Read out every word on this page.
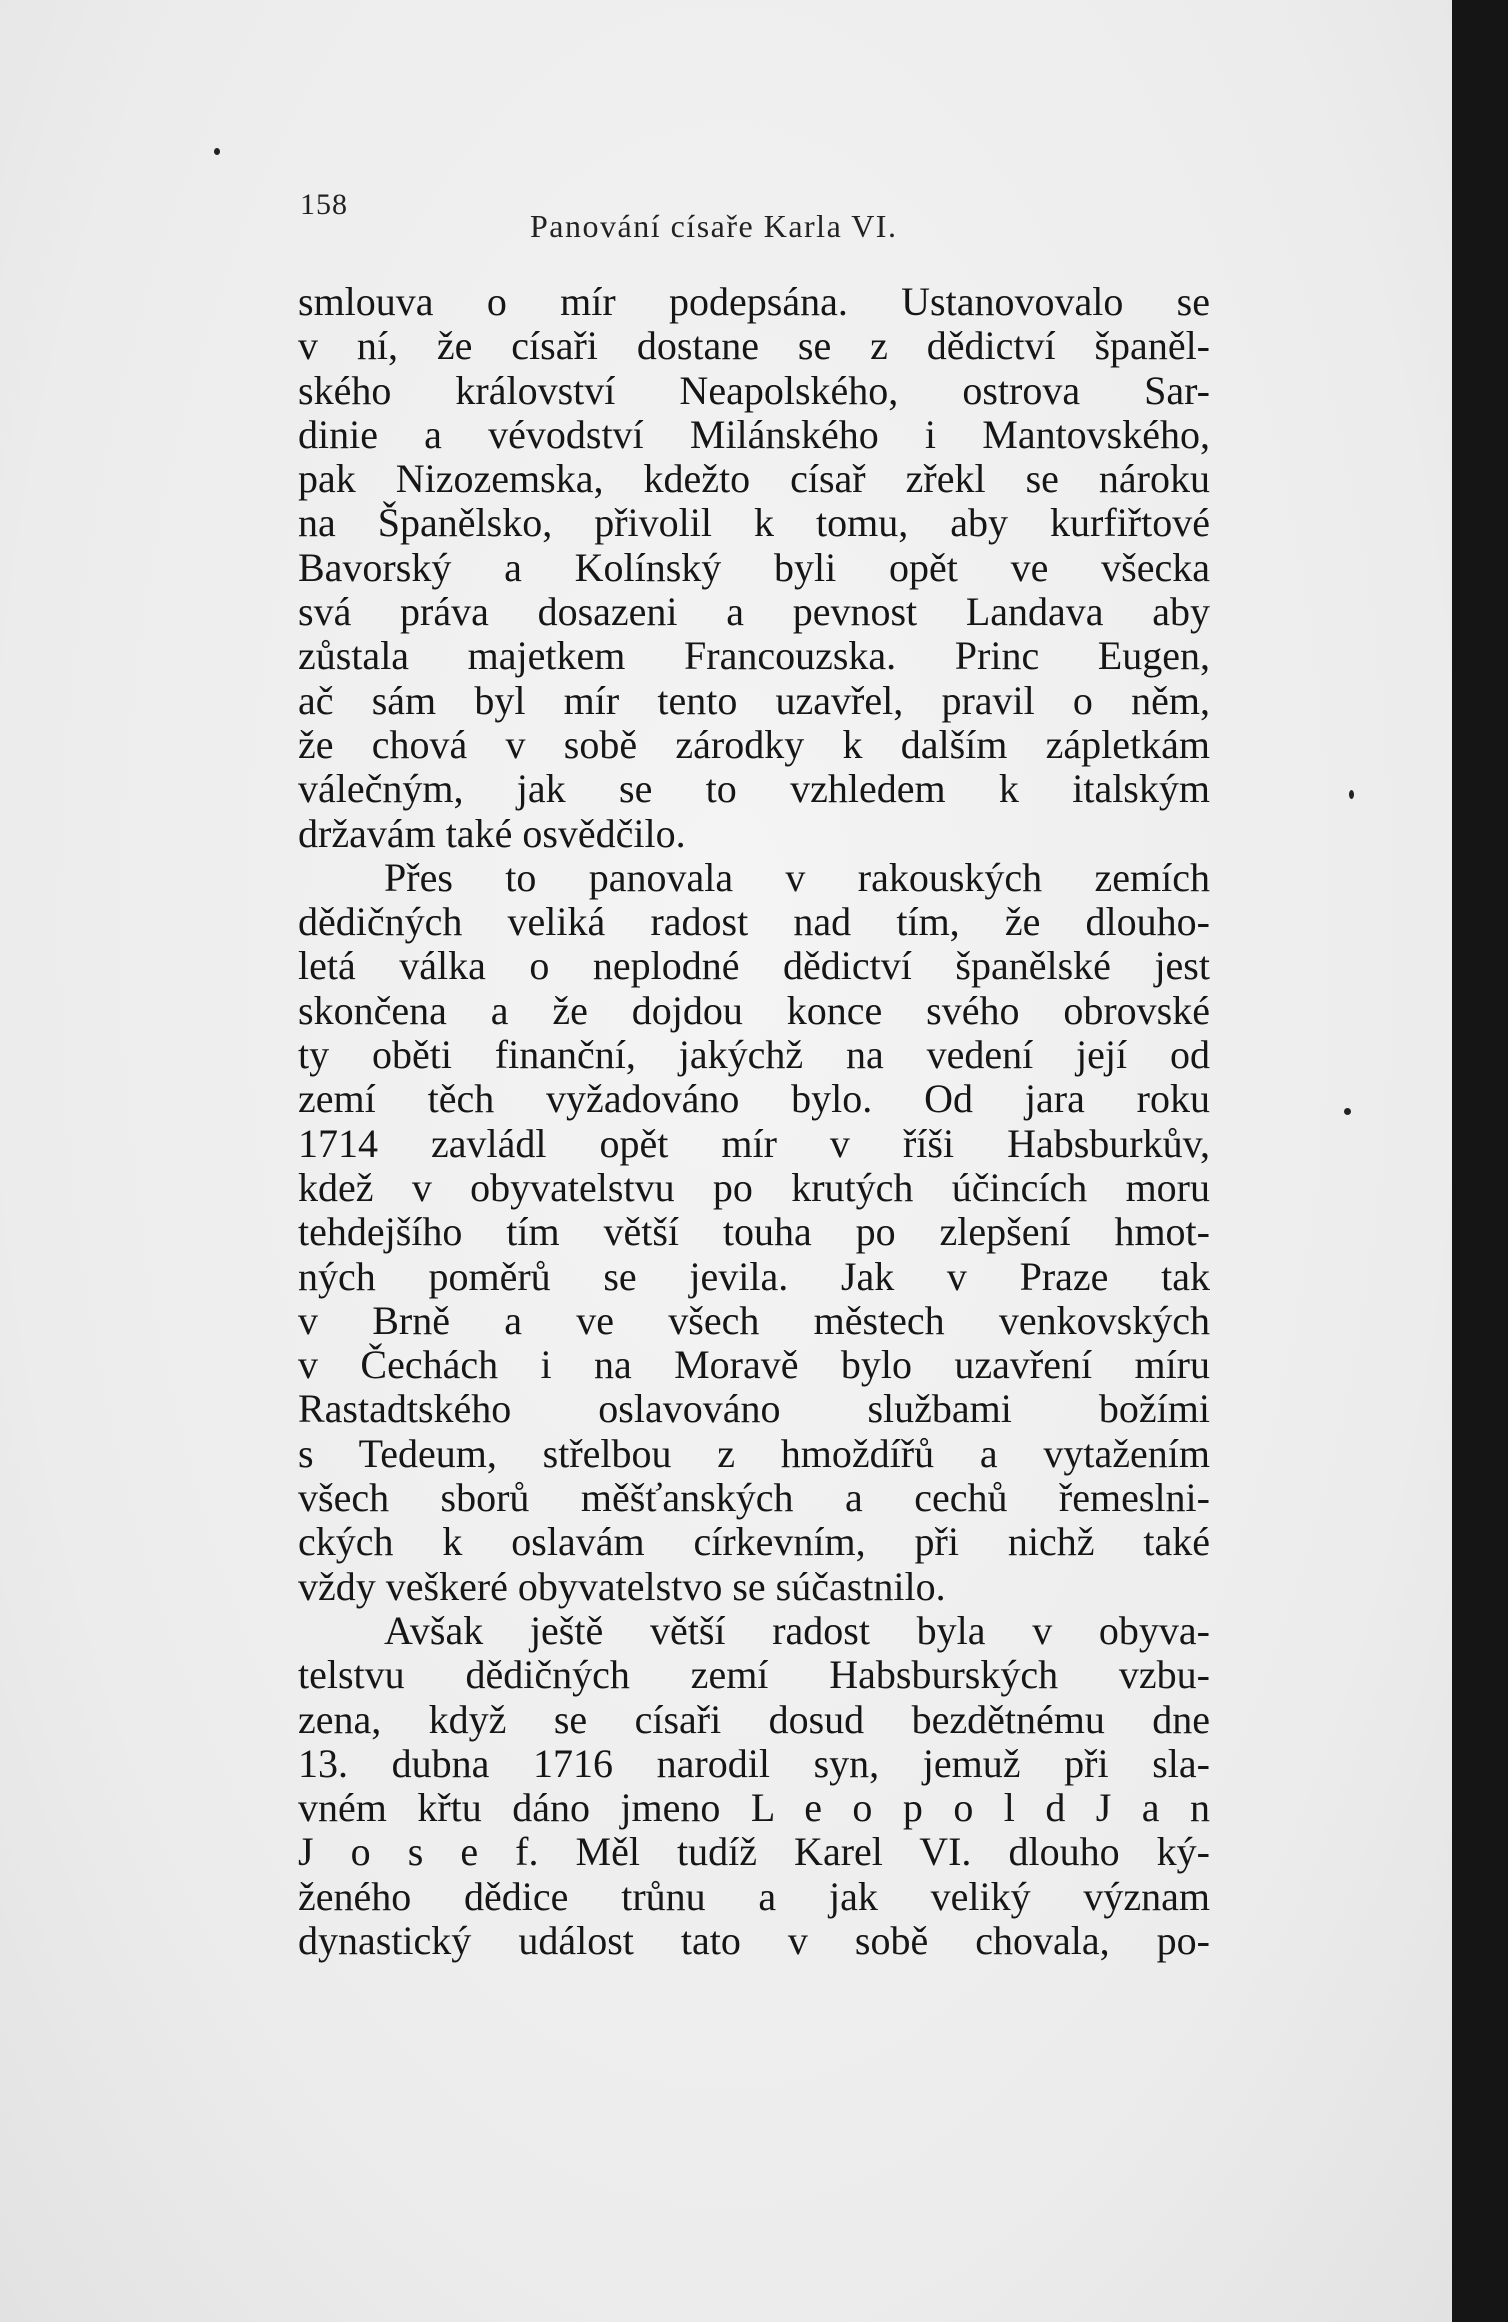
158
Panování císaře Karla VI.
smlouva o mír podepsána. Ustanovovalo se
v ní, že císaři dostane se z dědictví španěl-
ského království Neapolského, ostrova Sar-
dinie a vévodství Milánského i Mantovského,
pak Nizozemska, kdežto císař zřekl se nároku
na Španělsko, přivolil k tomu, aby kurfiřtové
Bavorský a Kolínský byli opět ve všecka
svá práva dosazeni a pevnost Landava aby
zůstala majetkem Francouzska. Princ Eugen,
ač sám byl mír tento uzavřel, pravil o něm,
že chová v sobě zárodky k dalším zápletkám
válečným, jak se to vzhledem k italským
državám také osvědčilo.
Přes to panovala v rakouských zemích
dědičných veliká radost nad tím, že dlouho-
letá válka o neplodné dědictví španělské jest
skončena a že dojdou konce svého obrovské
ty oběti finanční, jakýchž na vedení její od
zemí těch vyžadováno bylo. Od jara roku
1714 zavládl opět mír v říši Habsburkův,
kdež v obyvatelstvu po krutých účincích moru
tehdejšího tím větší touha po zlepšení hmot-
ných poměrů se jevila. Jak v Praze tak
v Brně a ve všech městech venkovských
v Čechách i na Moravě bylo uzavření míru
Rastadtského oslavováno službami božími
s Tedeum, střelbou z hmoždířů a vytažením
všech sborů měšťanských a cechů řemeslni-
ckých k oslavám církevním, při nichž také
vždy veškeré obyvatelstvo se súčastnilo.
Avšak ještě větší radost byla v obyva-
telstvu dědičných zemí Habsburských vzbu-
zena, když se císaři dosud bezdětnému dne
13. dubna 1716 narodil syn, jemuž při sla-
vném křtu dáno jmeno L e o p o l d J a n
J o s e f. Měl tudíž Karel VI. dlouho ký-
ženého dědice trůnu a jak veliký význam
dynastický událost tato v sobě chovala, po-
